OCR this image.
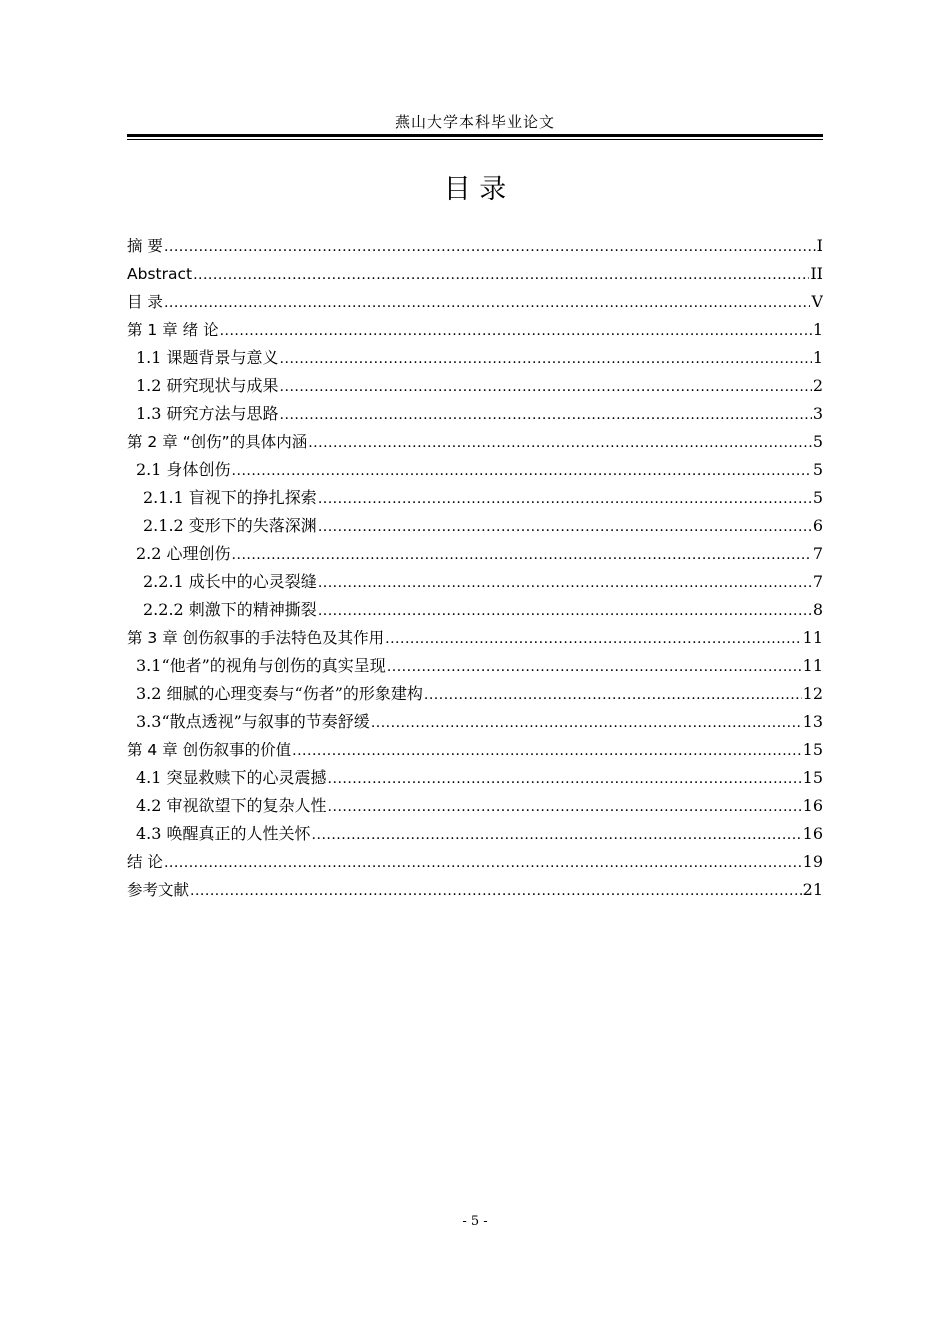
燕山大学本科毕业论文
目 录
摘 要 .....	I
Abstract .....	II
目 录 .....	V
第 1 章 绪 论 .....	1
1.1 课题背景与意义 .....	1
1.2 研究现状与成果 .....	2
1.3 研究方法与思路 .....	3
第 2 章 “创伤”的具体内涵 .....	5
2.1 身体创伤 .....	5
2.1.1 盲视下的挣扎探索 .....	5
2.1.2 变形下的失落深渊 .....	6
2.2 心理创伤 .....	7
2.2.1 成长中的心灵裂缝 .....	7
2.2.2 刺激下的精神撕裂 .....	8
第 3 章 创伤叙事的手法特色及其作用 .....	11
3.1“他者”的视角与创伤的真实呈现 .....	11
3.2 细腻的心理变奏与“伤者”的形象建构 .....	12
3.3“散点透视”与叙事的节奏舒缓 .....	13
第 4 章 创伤叙事的价值 .....	15
4.1 突显救赎下的心灵震撼 .....	15
4.2 审视欲望下的复杂人性 .....	16
4.3 唤醒真正的人性关怀 .....	16
结 论 .....	19
参考文献 .....	21
- 5 -
